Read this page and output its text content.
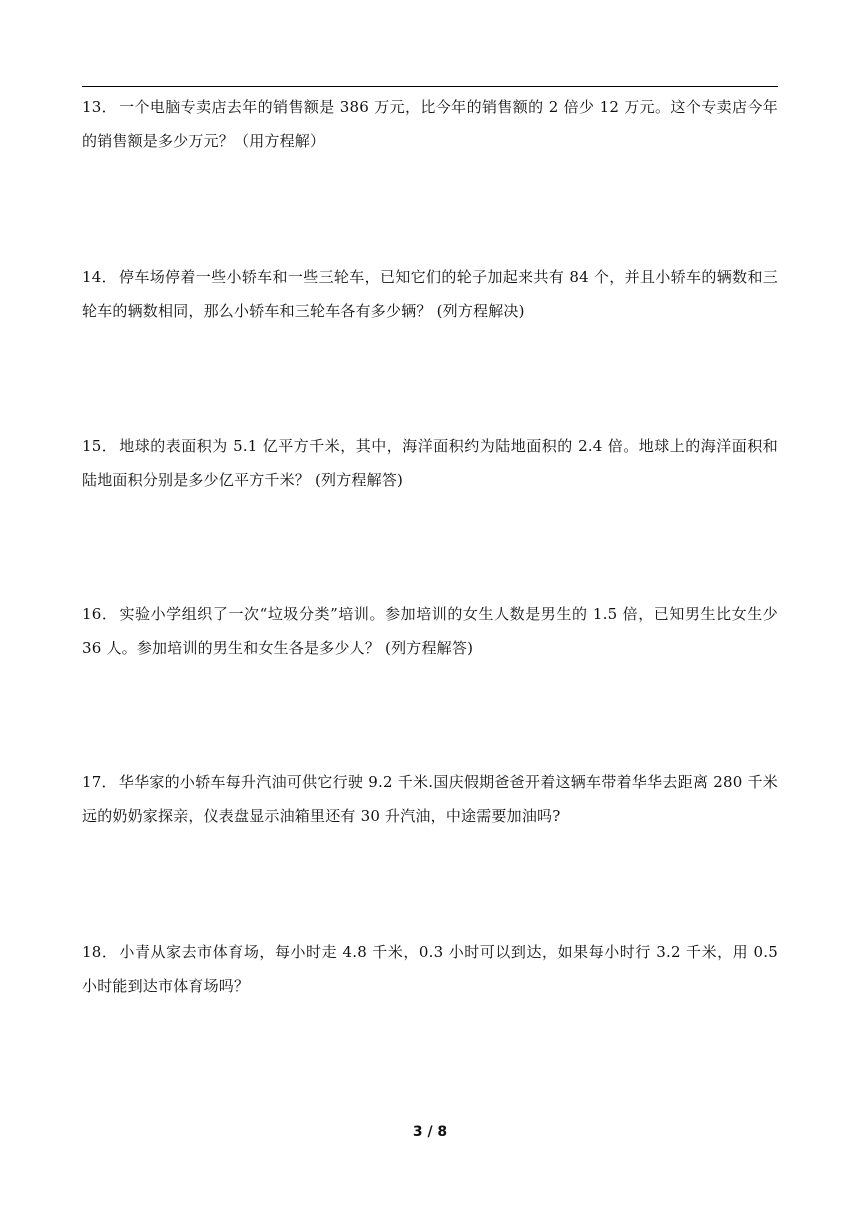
13． 一个电脑专卖店去年的销售额是 386 万元，比今年的销售额的 2 倍少 12 万元。这个专卖店今年的销售额是多少万元？（用方程解）

14． 停车场停着一些小轿车和一些三轮车，已知它们的轮子加起来共有 84 个，并且小轿车的辆数和三轮车的辆数相同，那么小轿车和三轮车各有多少辆？ (列方程解决)

15． 地球的表面积为 5.1 亿平方千米，其中，海洋面积约为陆地面积的 2.4 倍。地球上的海洋面积和陆地面积分别是多少亿平方千米？ (列方程解答)

16． 实验小学组织了一次“垃圾分类”培训。参加培训的女生人数是男生的 1.5 倍，已知男生比女生少 36 人。参加培训的男生和女生各是多少人？ (列方程解答)

17． 华华家的小轿车每升汽油可供它行驶 9.2 千米.国庆假期爸爸开着这辆车带着华华去距离 280 千米远的奶奶家探亲，仪表盘显示油箱里还有 30 升汽油，中途需要加油吗?

18． 小青从家去市体育场，每小时走 4.8 千米，0.3 小时可以到达，如果每小时行 3.2 千米，用 0.5 小时能到达市体育场吗？

3 / 8
